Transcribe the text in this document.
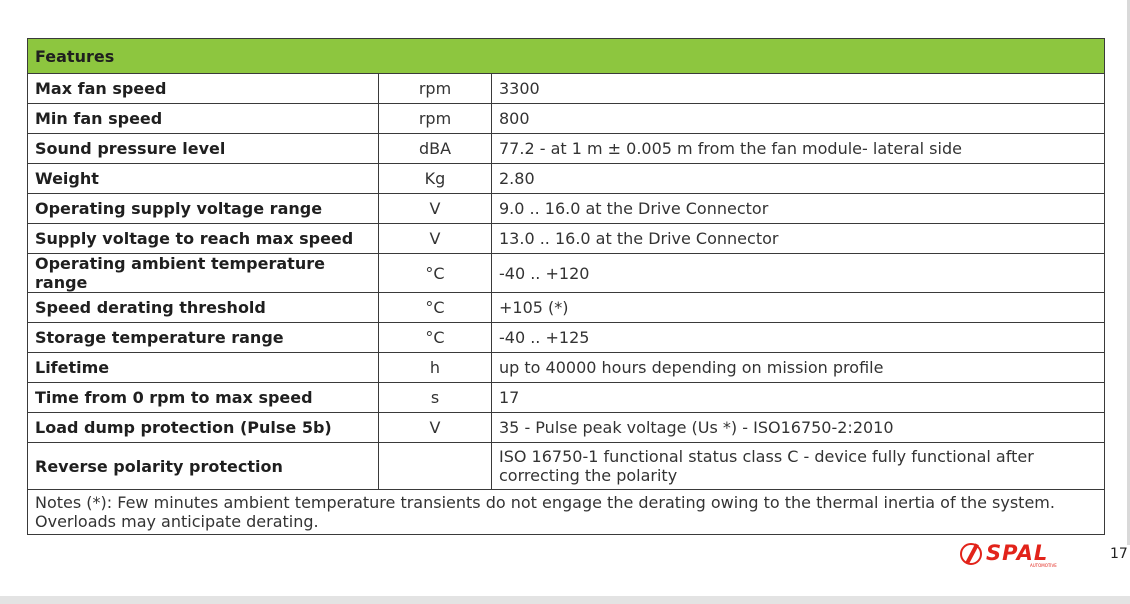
Features		
Max fan speed	rpm	3300
Min fan speed	rpm	800
Sound pressure level	dBA	77.2 - at 1 m ± 0.005 m from the fan module- lateral side
Weight	Kg	2.80
Operating supply voltage range	V	9.0 .. 16.0 at the Drive Connector
Supply voltage to reach max speed	V	13.0 .. 16.0 at the Drive Connector
Operating ambient temperature range	°C	-40 .. +120
Speed derating threshold	°C	+105 (*)
Storage temperature range	°C	-40 .. +125
Lifetime	h	up to 40000 hours depending on mission profile
Time from 0 rpm to max speed	s	17
Load dump protection (Pulse 5b)	V	35 - Pulse peak voltage (Us *) - ISO16750-2:2010
Reverse polarity protection		ISO 16750-1 functional status class C - device fully functional after correcting the polarity
Notes (*): Few minutes ambient temperature transients do not engage the derating owing to the thermal inertia of the system. Overloads may anticipate derating.		
SPAL
AUTOMOTIVE
17
